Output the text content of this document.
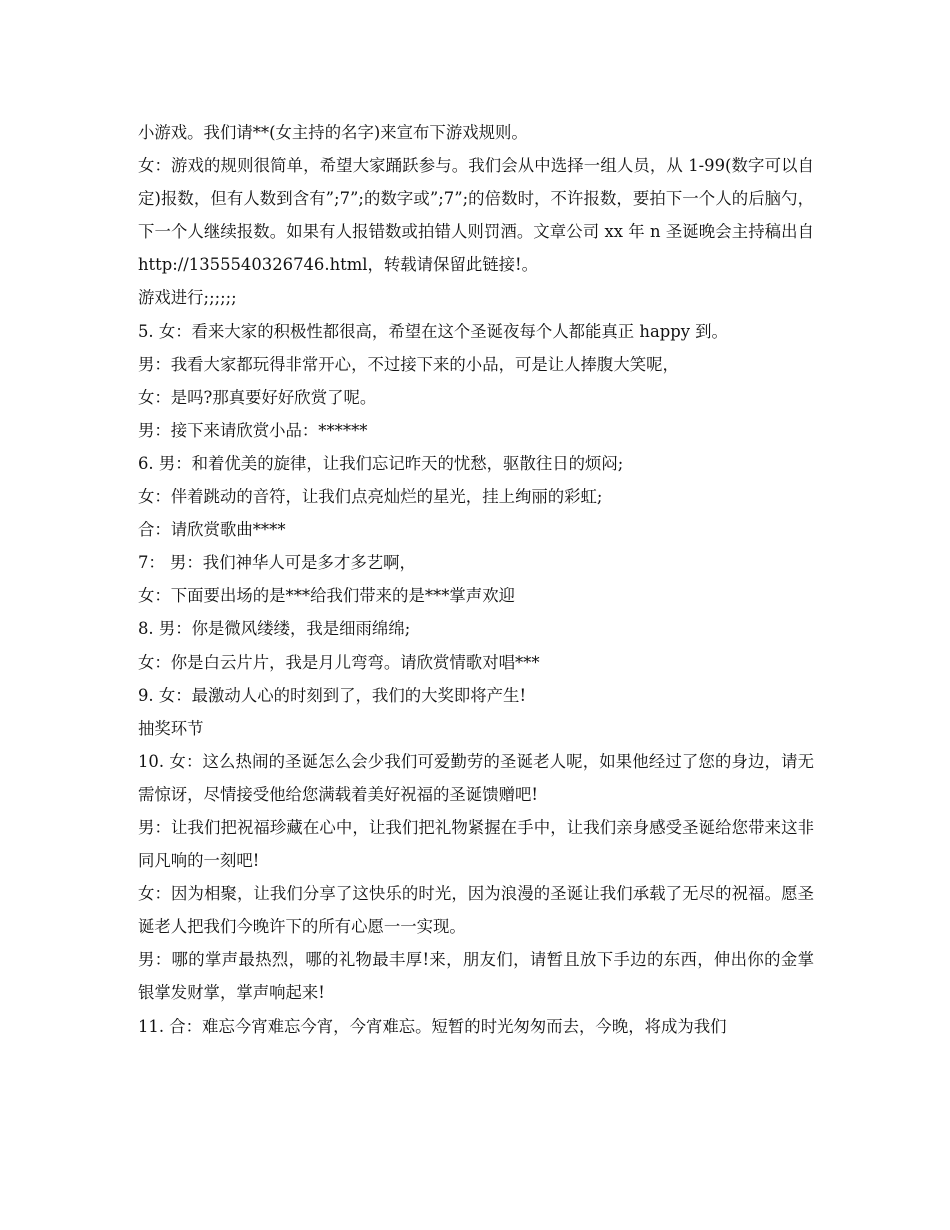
小游戏。我们请**(女主持的名字)来宣布下游戏规则。

女：游戏的规则很简单，希望大家踊跃参与。我们会从中选择一组人员，从 1-99(数字可以自定)报数，但有人数到含有”;7”;的数字或”;7”;的倍数时，不许报数，要拍下一个人的后脑勺，下一个人继续报数。如果有人报错数或拍错人则罚酒。文章公司 xx 年 n 圣诞晚会主持稿出自 http://1355540326746.html，转载请保留此链接!。

游戏进行;;;;;;

5. 女：看来大家的积极性都很高，希望在这个圣诞夜每个人都能真正 happy 到。

男：我看大家都玩得非常开心，不过接下来的小品，可是让人捧腹大笑呢，

女：是吗?那真要好好欣赏了呢。

男：接下来请欣赏小品：******

6. 男：和着优美的旋律，让我们忘记昨天的忧愁，驱散往日的烦闷;

女：伴着跳动的音符，让我们点亮灿烂的星光，挂上绚丽的彩虹;

合：请欣赏歌曲****

7： 男：我们神华人可是多才多艺啊，

女：下面要出场的是***给我们带来的是***掌声欢迎

8. 男：你是微风缕缕，我是细雨绵绵;

女：你是白云片片，我是月儿弯弯。请欣赏情歌对唱***

9. 女：最激动人心的时刻到了，我们的大奖即将产生!

抽奖环节

10. 女：这么热闹的圣诞怎么会少我们可爱勤劳的圣诞老人呢，如果他经过了您的身边，请无需惊讶，尽情接受他给您满载着美好祝福的圣诞馈赠吧!

男：让我们把祝福珍藏在心中，让我们把礼物紧握在手中，让我们亲身感受圣诞给您带来这非同凡响的一刻吧!

女：因为相聚，让我们分享了这快乐的时光，因为浪漫的圣诞让我们承载了无尽的祝福。愿圣诞老人把我们今晚许下的所有心愿一一实现。

男：哪的掌声最热烈，哪的礼物最丰厚!来，朋友们，请暂且放下手边的东西，伸出你的金掌银掌发财掌，掌声响起来!

11. 合：难忘今宵难忘今宵，今宵难忘。短暂的时光匆匆而去，今晚，将成为我们
